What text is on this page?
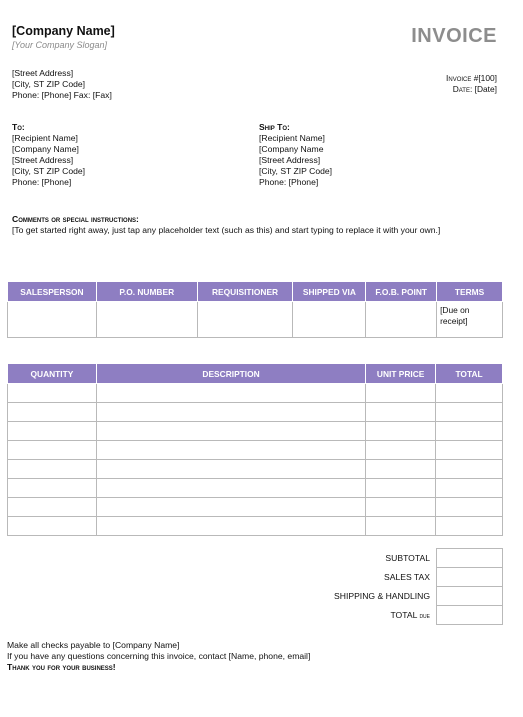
[Company Name]
[Your Company Slogan]	INVOICE
[Street Address]
[City, ST ZIP Code]
Phone: [Phone] Fax: [Fax]
Invoice #[100]
Date: [Date]
To:
[Recipient Name]
[Company Name]
[Street Address]
[City, ST ZIP Code]
Phone: [Phone]
Ship To:
[Recipient Name]
[Company Name
[Street Address]
[City, ST ZIP Code]
Phone: [Phone]
Comments or special instructions:
[To get started right away, just tap any placeholder text (such as this) and start typing to replace it with your own.]
SALESPERSON	P.O. NUMBER	REQUISITIONER	SHIPPED VIA	F.O.B. POINT	TERMS
					[Due on receipt]
QUANTITY	DESCRIPTION	UNIT PRICE	TOTAL

SUBTOTAL	
SALES TAX	
SHIPPING & HANDLING	
TOTAL due	
Make all checks payable to [Company Name]
If you have any questions concerning this invoice, contact [Name, phone, email]
Thank you for your business!
